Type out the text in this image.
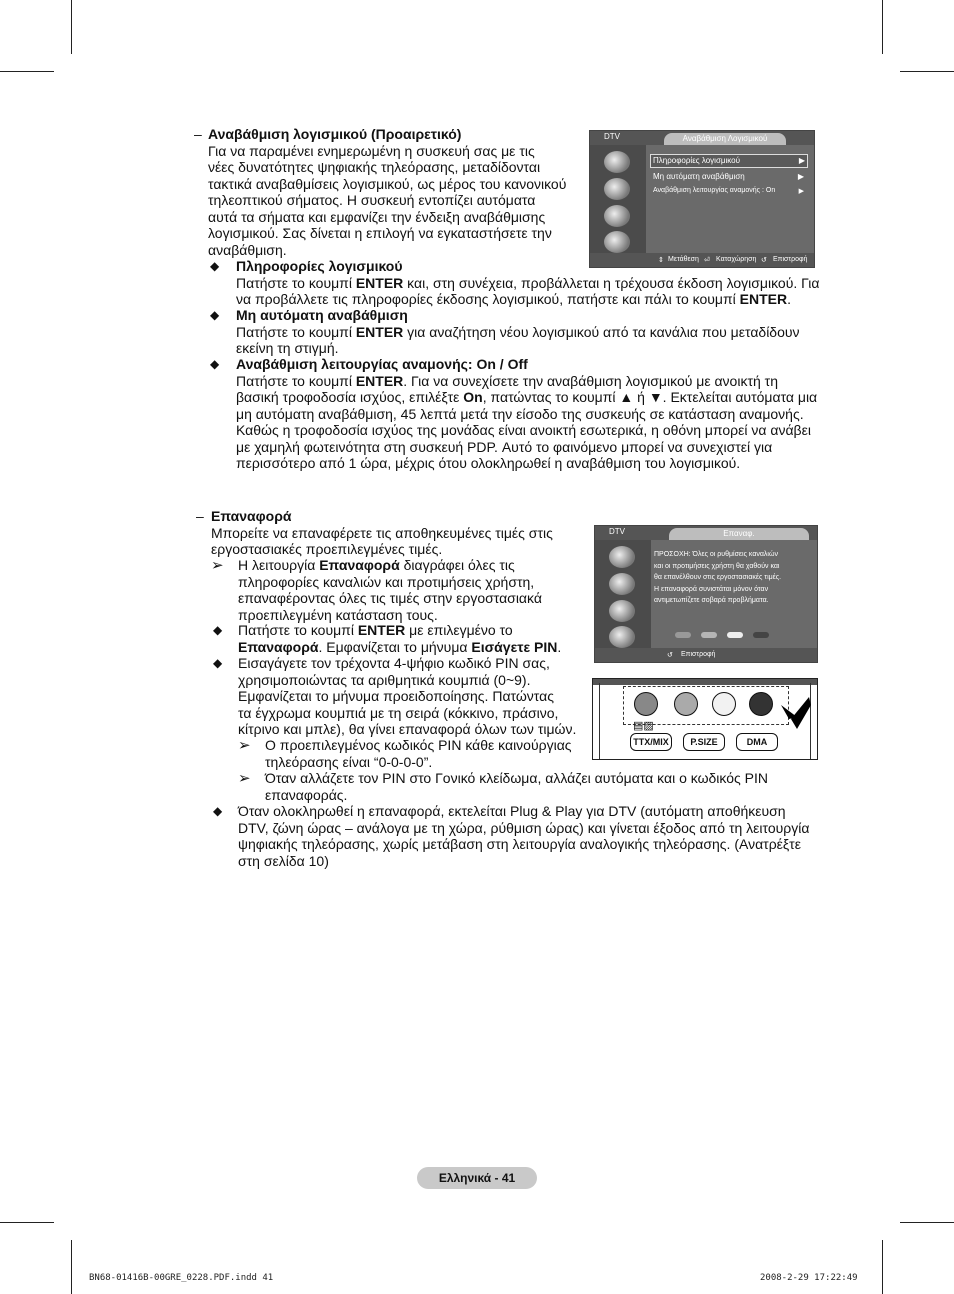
– Αναβάθμιση λογισμικού (Προαιρετικό)
Για να παραμένει ενημερωμένη η συσκευή σας με τις
νέες δυνατότητες ψηφιακής τηλεόρασης, μεταδίδονται
τακτικά αναβαθμίσεις λογισμικού, ως μέρος του κανονικού
τηλεοπτικού σήματος. Η συσκευή εντοπίζει αυτόματα
αυτά τα σήματα και εμφανίζει την ένδειξη αναβάθμισης
λογισμικού. Σας δίνεται η επιλογή να εγκαταστήσετε την
αναβάθμιση.
◆ Πληροφορίες λογισμικού
Πατήστε το κουμπί ENTER και, στη συνέχεια, προβάλλεται η τρέχουσα έκδοση λογισμικού. Για
να προβάλλετε τις πληροφορίες έκδοσης λογισμικού, πατήστε και πάλι το κουμπί ENTER.
◆ Μη αυτόματη αναβάθμιση
Πατήστε το κουμπί ENTER για αναζήτηση νέου λογισμικού από τα κανάλια που μεταδίδουν
εκείνη τη στιγμή.
◆ Αναβάθμιση λειτουργίας αναμονής: On / Off
Πατήστε το κουμπί ENTER. Για να συνεχίσετε την αναβάθμιση λογισμικού με ανοικτή τη
βασική τροφοδοσία ισχύος, επιλέξτε On, πατώντας το κουμπί ▲ ή ▼. Εκτελείται αυτόματα μια
μη αυτόματη αναβάθμιση, 45 λεπτά μετά την είσοδο της συσκευής σε κατάσταση αναμονής.
Καθώς η τροφοδοσία ισχύος της μονάδας είναι ανοικτή εσωτερικά, η οθόνη μπορεί να ανάβει
με χαμηλή φωτεινότητα στη συσκευή PDP. Αυτό το φαινόμενο μπορεί να συνεχιστεί για
περισσότερο από 1 ώρα, μέχρις ότου ολοκληρωθεί η αναβάθμιση του λογισμικού.
DTV	Αναβάθμιση Λογισμικού
Πληροφορίες λογισμικού	▶
Μη αυτόματη αναβάθμιση	▶
Αναβάθμιση λειτουργίας αναμονής : On	▶
⇕ Μετάθεση ⏎ Καταχώρηση ↺ Επιστροφή
– Επαναφορά
Μπορείτε να επαναφέρετε τις αποθηκευμένες τιμές στις
εργοστασιακές προεπιλεγμένες τιμές.
➢ Η λειτουργία Επαναφορά διαγράφει όλες τις
πληροφορίες καναλιών και προτιμήσεις χρήστη,
επαναφέροντας όλες τις τιμές στην εργοστασιακά
προεπιλεγμένη κατάσταση τους.
◆ Πατήστε το κουμπί ENTER με επιλεγμένο το
Επαναφορά. Εμφανίζεται το μήνυμα Εισάγετε PIN.
◆ Εισαγάγετε τον τρέχοντα 4-ψήφιο κωδικό PIN σας,
χρησιμοποιώντας τα αριθμητικά κουμπιά (0~9).
Εμφανίζεται το μήνυμα προειδοποίησης. Πατώντας
τα έγχρωμα κουμπιά με τη σειρά (κόκκινο, πράσινο,
κίτρινο και μπλε), θα γίνει επαναφορά όλων των τιμών.
➢ Ο προεπιλεγμένος κωδικός PIN κάθε καινούργιας
τηλεόρασης είναι “0-0-0-0”.
➢ Όταν αλλάζετε τον PIN στο Γονικό κλείδωμα, αλλάζει αυτόματα και ο κωδικός PIN
επαναφοράς.
◆ Όταν ολοκληρωθεί η επαναφορά, εκτελείται Plug & Play για DTV (αυτόματη αποθήκευση
DTV, ζώνη ώρας – ανάλογα με τη χώρα, ρύθμιση ώρας) και γίνεται έξοδος από τη λειτουργία
ψηφιακής τηλεόρασης, χωρίς μετάβαση στη λειτουργία αναλογικής τηλεόρασης. (Ανατρέξτε
στη σελίδα 10)
DTV	Επαναφ.
ΠΡΟΣΟΧΗ: Όλες οι ρυθμίσεις καναλιών
και οι προτιμήσεις χρήστη θα χαθούν και
θα επανέλθουν στις εργοστασιακές τιμές.
Η επαναφορά συνιστάται μόνον όταν
αντιμετωπίζετε σοβαρά προβλήματα.
↺ Επιστροφή
▤▨
TTX/MIX	P.SIZE	DMA
Ελληνικά - 41
BN68-01416B-00GRE_0228.PDF.indd 41	2008-2-29 17:22:49
